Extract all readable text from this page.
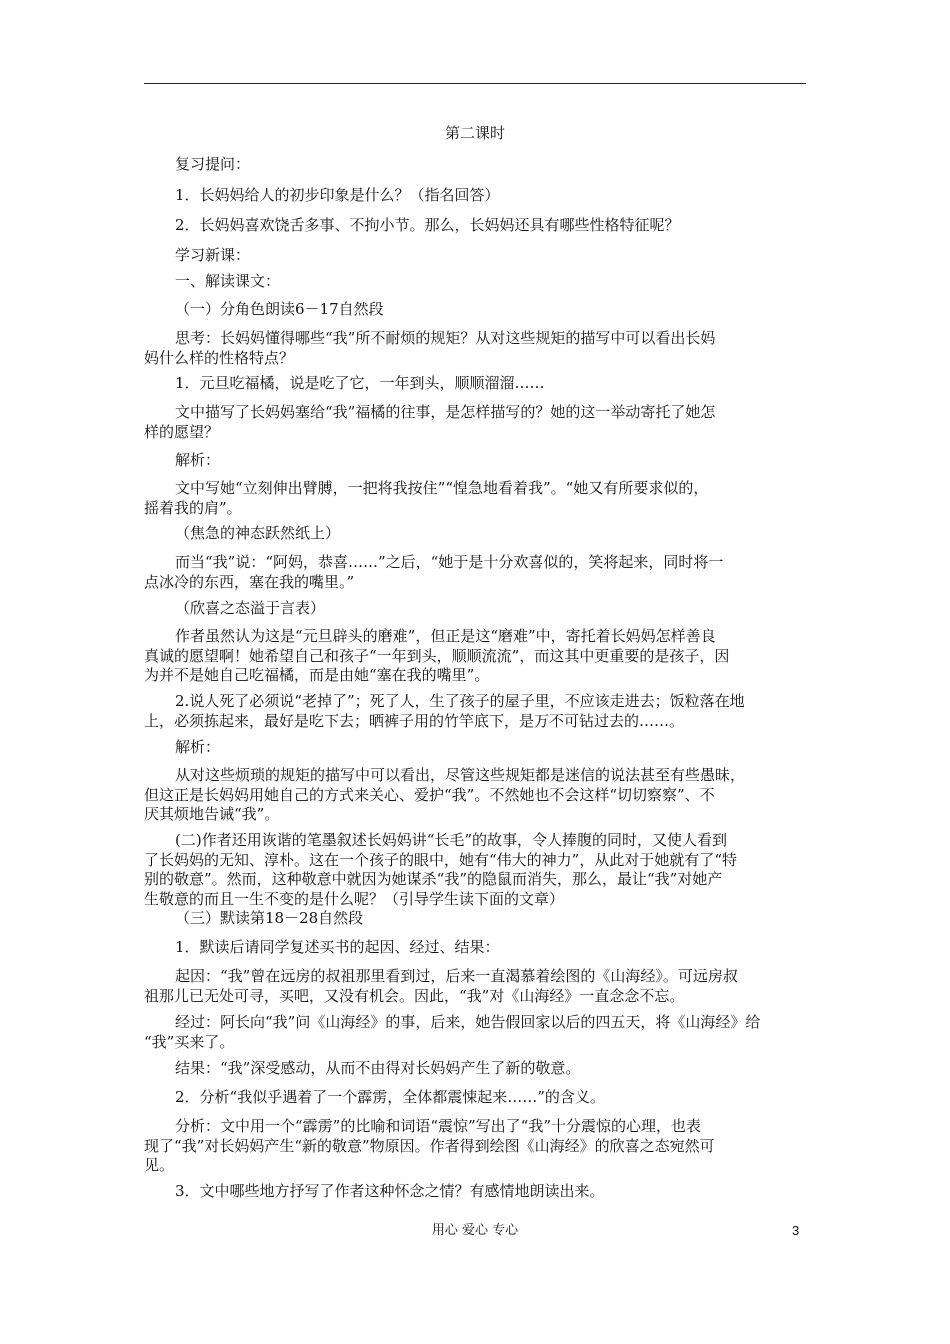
第二课时
复习提问：
1．长妈妈给人的初步印象是什么？（指名回答）
2．长妈妈喜欢饶舌多事、不拘小节。那么，长妈妈还具有哪些性格特征呢？
学习新课：
一、解读课文：
（一）分角色朗读6－17自然段
思考：长妈妈懂得哪些“我”所不耐烦的规矩？从对这些规矩的描写中可以看出长妈
妈什么样的性格特点？
1．元旦吃福橘，说是吃了它，一年到头，顺顺溜溜……
文中描写了长妈妈塞给“我”福橘的往事，是怎样描写的？她的这一举动寄托了她怎
样的愿望？
解析：
文中写她“立刻伸出臂膊，一把将我按住”“惶急地看着我”。“她又有所要求似的，
摇着我的肩”。
（焦急的神态跃然纸上）
而当“我”说：“阿妈，恭喜……”之后，“她于是十分欢喜似的，笑将起来，同时将一
点冰冷的东西，塞在我的嘴里。”
（欣喜之态溢于言表）
作者虽然认为这是“元旦辟头的磨难”，但正是这“磨难”中，寄托着长妈妈怎样善良
真诚的愿望啊！她希望自己和孩子“一年到头，顺顺流流”，而这其中更重要的是孩子，因
为并不是她自己吃福橘，而是由她“塞在我的嘴里”。
2.说人死了必须说“老掉了”；死了人，生了孩子的屋子里，不应该走进去；饭粒落在地
上，必须拣起来，最好是吃下去；晒裤子用的竹竿底下，是万不可钻过去的……。
解析：
从对这些烦琐的规矩的描写中可以看出，尽管这些规矩都是迷信的说法甚至有些愚昧，
但这正是长妈妈用她自己的方式来关心、爱护“我”。不然她也不会这样“切切察察”、不
厌其烦地告诫“我”。
(二)作者还用诙谐的笔墨叙述长妈妈讲“长毛”的故事，令人捧腹的同时，又使人看到
了长妈妈的无知、淳朴。这在一个孩子的眼中，她有“伟大的神力”，从此对于她就有了“特
别的敬意”。然而，这种敬意中就因为她谋杀“我”的隐鼠而消失，那么，最让“我”对她产
生敬意的而且一生不变的是什么呢？（引导学生读下面的文章）
（三）默读第18－28自然段
1．默读后请同学复述买书的起因、经过、结果：
起因：“我”曾在远房的叔祖那里看到过，后来一直渴慕着绘图的《山海经》。可远房叔
祖那儿已无处可寻，买吧，又没有机会。因此，“我”对《山海经》一直念念不忘。
经过：阿长向“我”问《山海经》的事，后来，她告假回家以后的四五天，将《山海经》给
“我”买来了。
结果：“我”深受感动，从而不由得对长妈妈产生了新的敬意。
2．分析“我似乎遇着了一个霹雳，全体都震悚起来……”的含义。
分析：文中用一个“霹雳”的比喻和词语“震惊”写出了“我”十分震惊的心理，也表
现了“我”对长妈妈产生“新的敬意”物原因。作者得到绘图《山海经》的欣喜之态宛然可
见。
3．文中哪些地方抒写了作者这种怀念之情？有感情地朗读出来。
用心 爱心 专心	3
